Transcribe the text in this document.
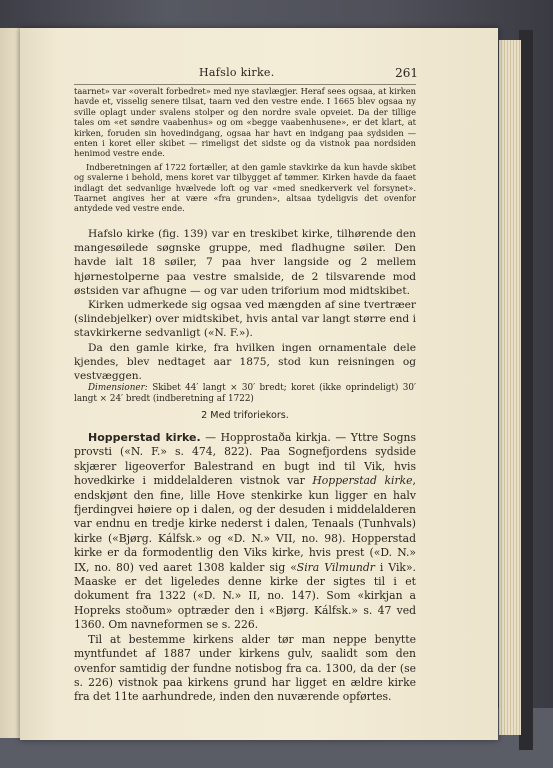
Hafslo kirke.	261

taarnet» var «overalt forbedret» med nye stavlægjer. Heraf sees ogsaa, at kirken havde et, visselig senere tilsat, taarn ved den vestre ende. I 1665 blev ogsaa ny sville oplagt under svalens stolper og den nordre svale opveiet. Da der tillige tales om «et søndre vaabenhus» og om «begge vaabenhusene», er det klart, at kirken, foruden sin hovedindgang, ogsaa har havt en indgang paa sydsiden — enten i koret eller skibet — rimeligst det sidste og da vistnok paa nordsiden henimod vestre ende.

Indberetningen af 1722 fortæller, at den gamle stavkirke da kun havde skibet og svalerne i behold, mens koret var tilbygget af tømmer. Kirken havde da faaet indlagt det sedvanlige hvælvede loft og var «med snedkerverk vel forsynet». Taarnet angives her at være «fra grunden», altsaa tydeligvis det ovenfor antydede ved vestre ende.

Hafslo kirke (fig. 139) var en treskibet kirke, tilhørende den mangesøilede søgnske gruppe, med fladhugne søiler. Den havde ialt 18 søiler, 7 paa hver langside og 2 mellem hjørnestolperne paa vestre smalside, de 2 tilsvarende mod østsiden var afhugne — og var uden triforium mod midtskibet.

Kirken udmerkede sig ogsaa ved mængden af sine tvertræer (slindebjelker) over midtskibet, hvis antal var langt større end i stavkirkerne sedvanligt («N. F.»).

Da den gamle kirke, fra hvilken ingen ornamentale dele kjendes, blev nedtaget aar 1875, stod kun reisningen og vestvæggen.

Dimensioner: Skibet 44′ langt ⨯ 30′ bredt; koret (ikke oprindeligt) 30′ langt ⨯ 24′ bredt (indberetning af 1722)

2 Med triforiekors.

Hopperstad kirke. — Hopprostaða kirkja. — Yttre Sogns provsti («N. F.» s. 474, 822). Paa Sognefjordens sydside skjærer ligeoverfor Balestrand en bugt ind til Vik, hvis hovedkirke i middelalderen vistnok var Hopperstad kirke, endskjønt den fine, lille Hove stenkirke kun ligger en halv fjerdingvei høiere op i dalen, og der desuden i middelalderen var endnu en tredje kirke nederst i dalen, Tenaals (Tunhvals) kirke («Bjørg. Kálfsk.» og «D. N.» VII, no. 98). Hopperstad kirke er da formodentlig den Viks kirke, hvis prest («D. N.» IX, no. 80) ved aaret 1308 kalder sig «Sira Vilmundr i Vik». Maaske er det ligeledes denne kirke der sigtes til i et dokument fra 1322 («D. N.» II, no. 147). Som «kirkjan a Hopreks stoðum» optræder den i «Bjørg. Kálfsk.» s. 47 ved 1360. Om navneformen se s. 226.

Til at bestemme kirkens alder tør man neppe benytte myntfundet af 1887 under kirkens gulv, saalidt som den ovenfor samtidig der fundne notisbog fra ca. 1300, da der (se s. 226) vistnok paa kirkens grund har ligget en ældre kirke fra det 11te aarhundrede, inden den nuværende opførtes.
